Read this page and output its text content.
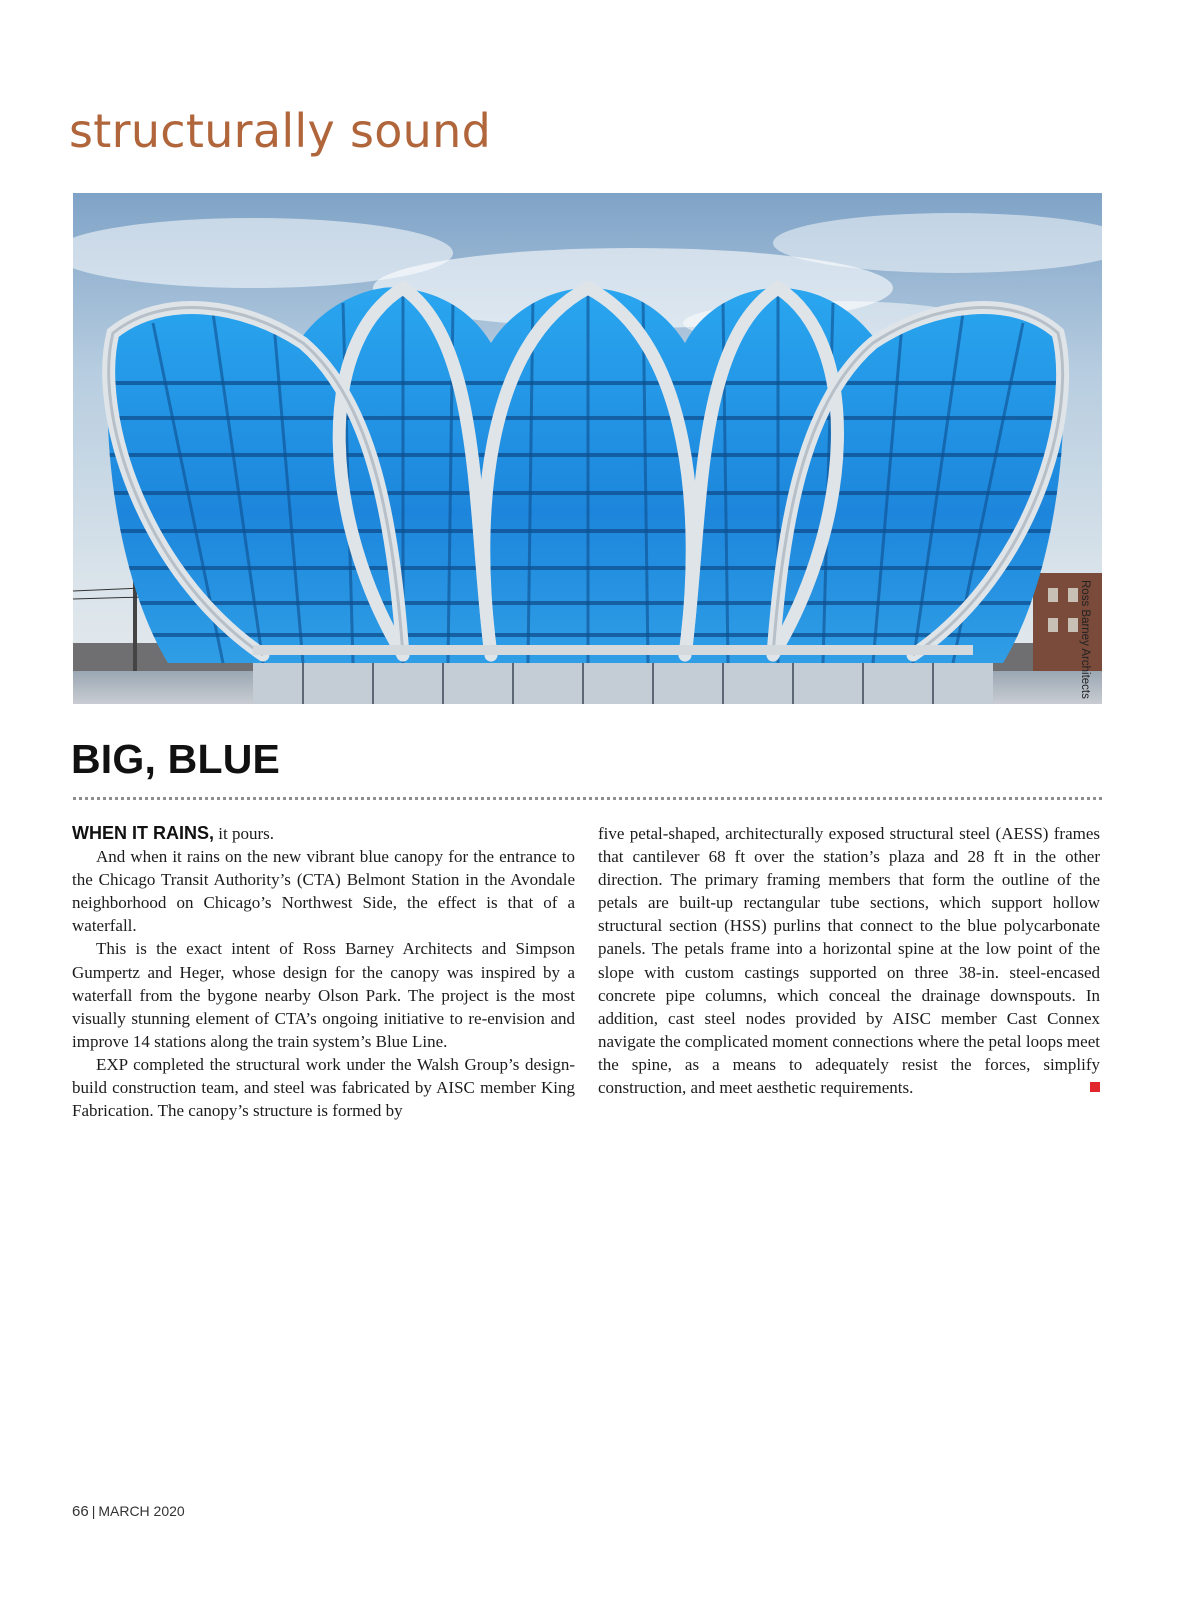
structurally sound
Ross Barney Architects
BIG, BLUE

WHEN IT RAINS, it pours.

And when it rains on the new vibrant blue canopy for the entrance to the Chicago Transit Authority’s (CTA) Belmont Station in the Avondale neighborhood on Chicago’s Northwest Side, the effect is that of a waterfall.

This is the exact intent of Ross Barney Architects and Simpson Gumpertz and Heger, whose design for the canopy was inspired by a waterfall from the bygone nearby Olson Park. The project is the most visually stunning element of CTA’s ongoing initiative to re-envision and improve 14 stations along the train system’s Blue Line.

EXP completed the structural work under the Walsh Group’s design-build construction team, and steel was fabricated by AISC member King Fabrication. The canopy’s structure is formed by

five petal-shaped, architecturally exposed structural steel (AESS) frames that cantilever 68 ft over the station’s plaza and 28 ft in the other direction. The primary framing members that form the outline of the petals are built-up rectangular tube sections, which support hollow structural section (HSS) purlins that connect to the blue polycarbonate panels. The petals frame into a horizontal spine at the low point of the slope with custom castings supported on three 38-in. steel-encased concrete pipe columns, which conceal the drainage downspouts. In addition, cast steel nodes provided by AISC member Cast Connex navigate the complicated moment connections where the petal loops meet the spine, as a means to adequately resist the forces, simplify construction, and meet aesthetic requirements.

66 | MARCH 2020
